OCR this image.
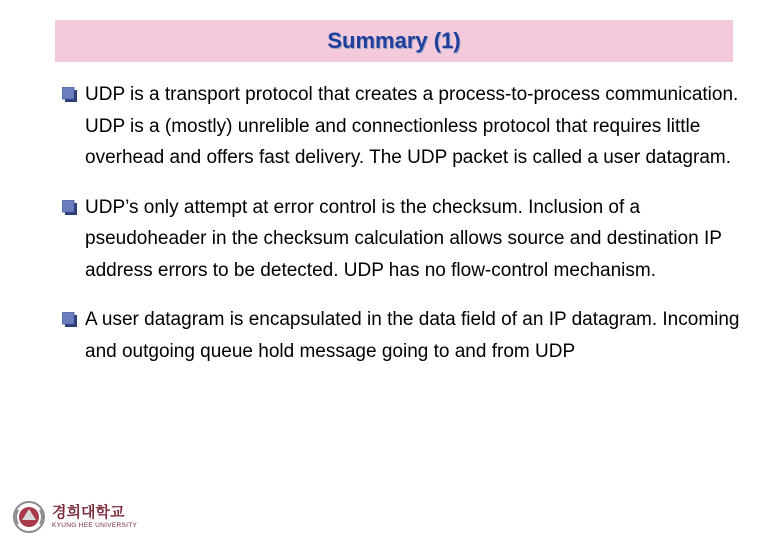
Summary (1)
UDP is a transport protocol that creates a process-to-process communication. UDP is a (mostly) unrelible and connectionless protocol that requires little overhead and offers fast delivery. The UDP packet is called a user datagram.
UDP’s only attempt at error control is the checksum. Inclusion of a pseudoheader in the checksum calculation allows source and destination IP address errors to be detected. UDP has no flow-control mechanism.
A user datagram is encapsulated in the data field of an IP datagram. Incoming and outgoing queue hold message going to and from UDP
경희대학교
KYUNG HEE UNIVERSITY
